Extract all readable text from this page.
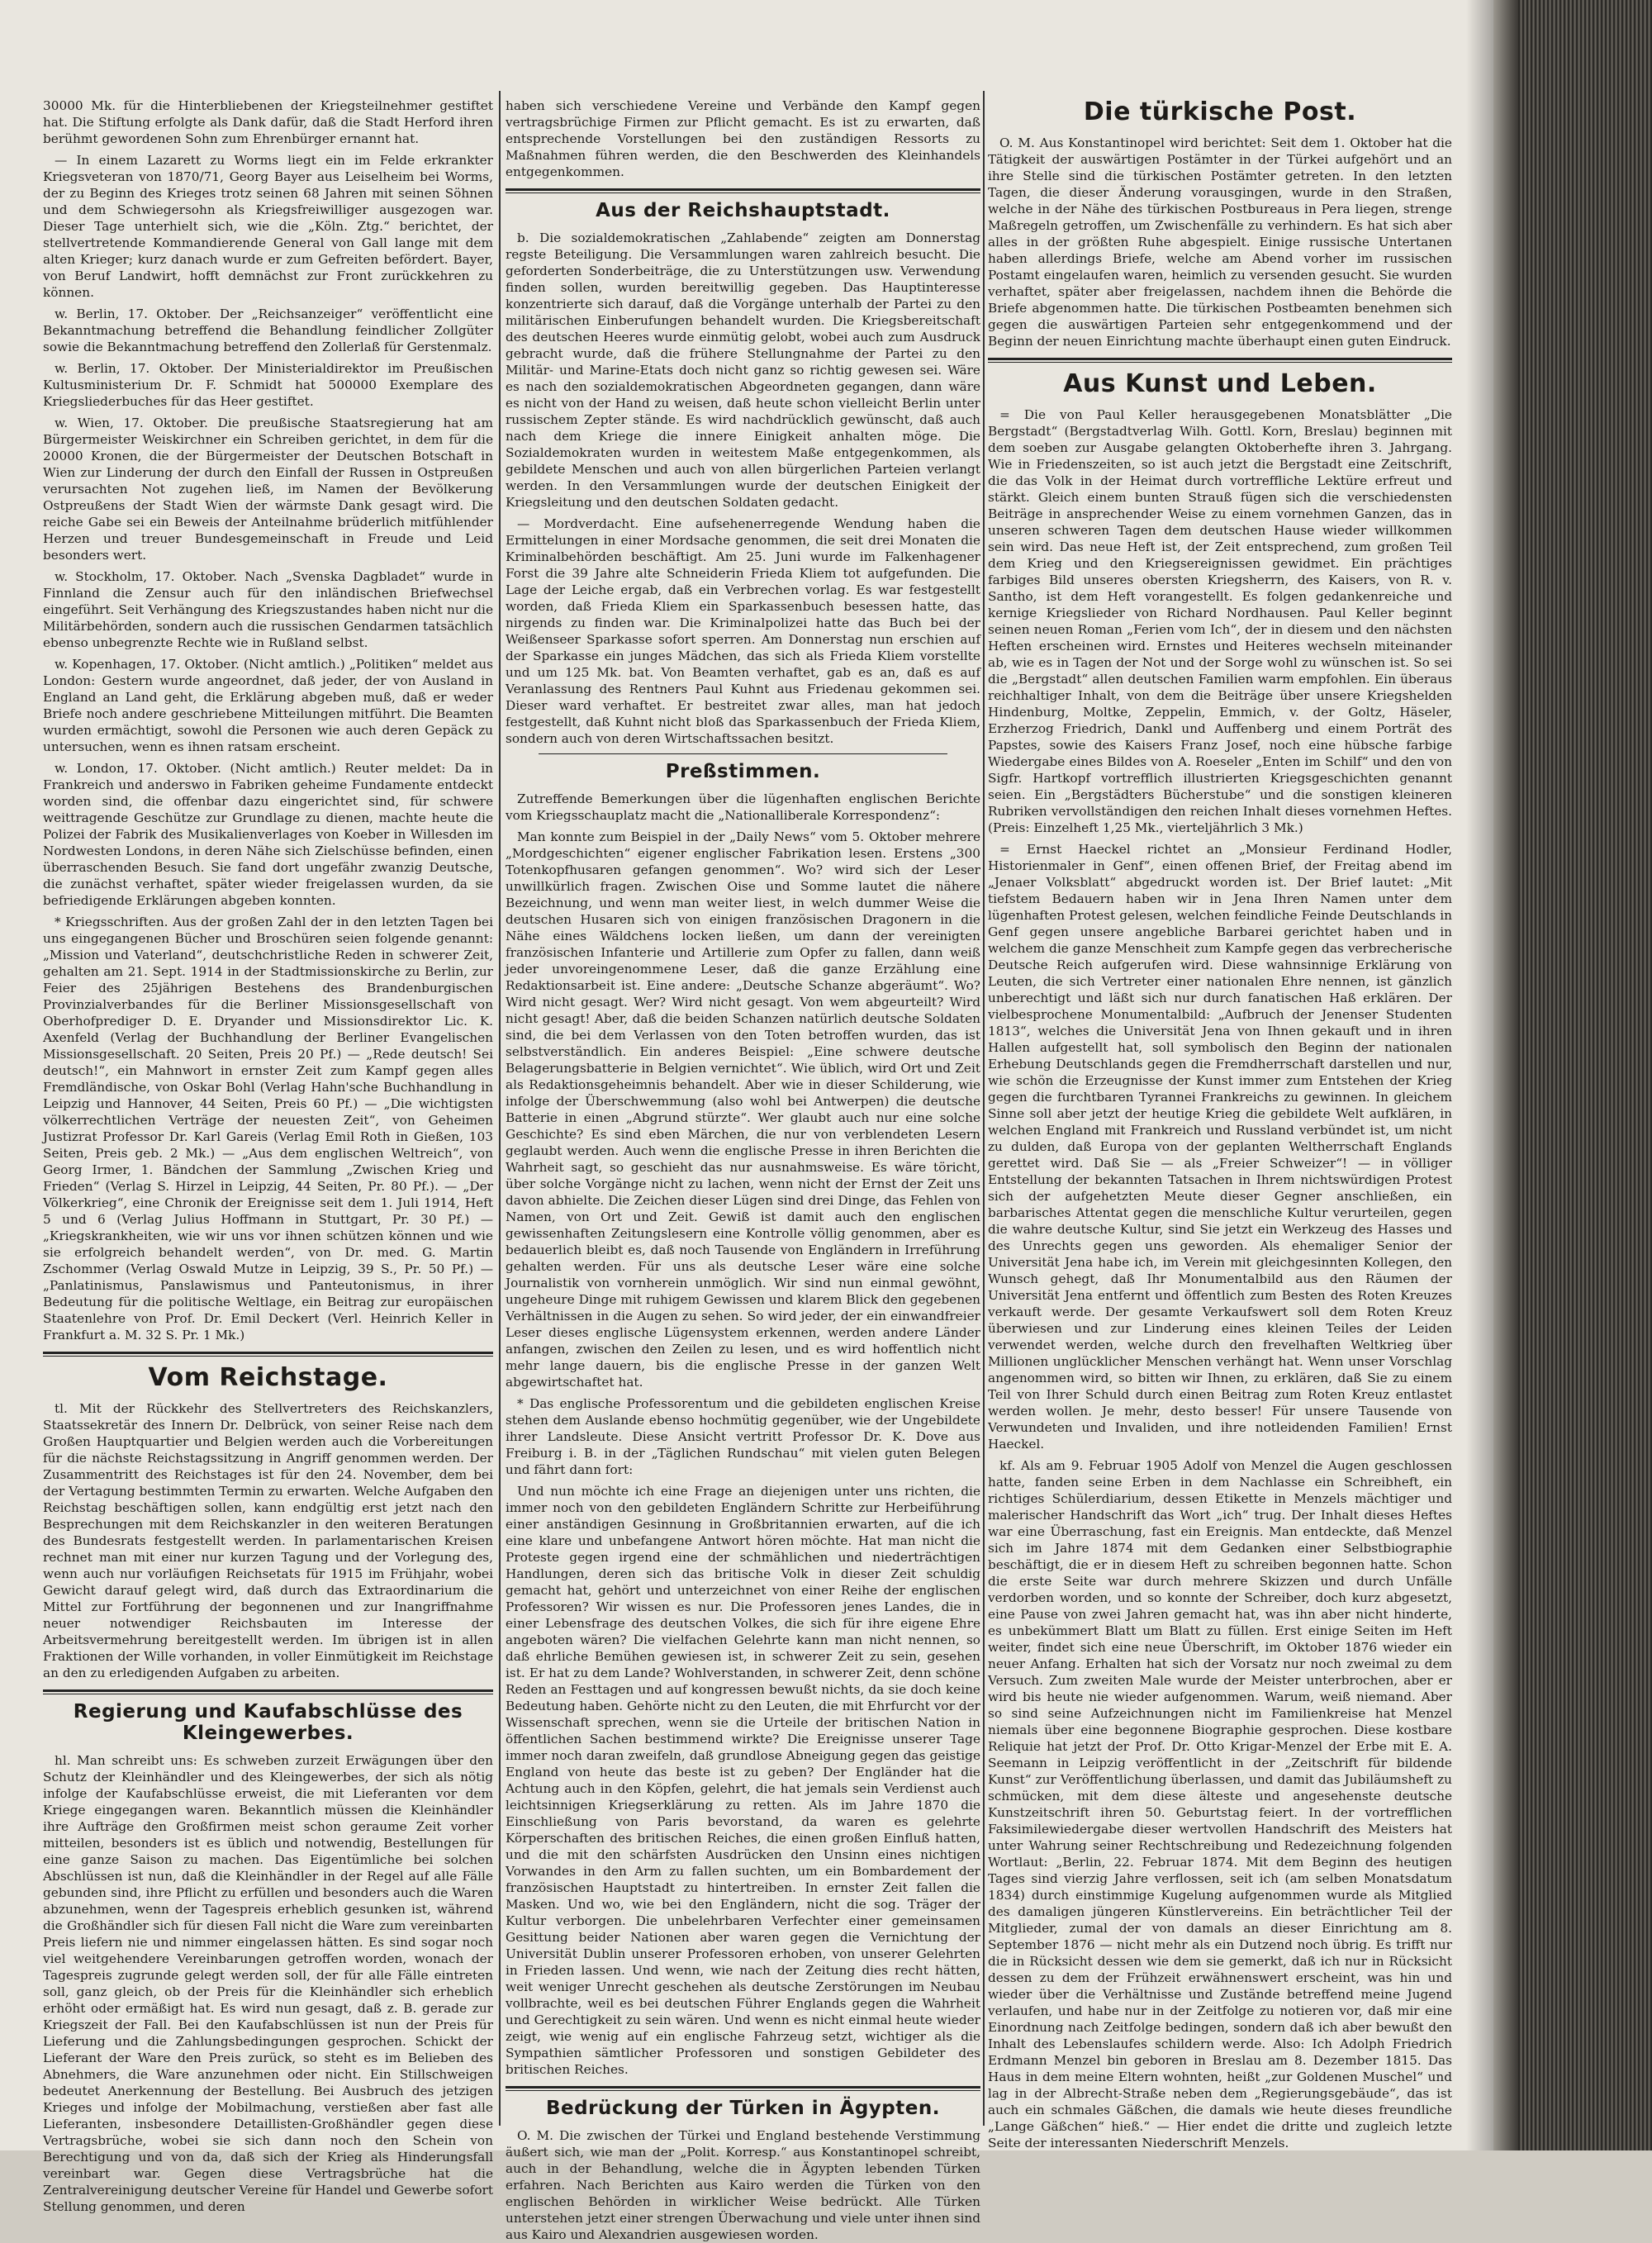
30000 Mk. für die Hinterbliebenen der Kriegsteilnehmer gestiftet hat. Die Stiftung erfolgte als Dank dafür, daß die Stadt Herford ihren berühmt gewordenen Sohn zum Ehrenbürger ernannt hat.

— In einem Lazarett zu Worms liegt ein im Felde erkrankter Kriegsveteran von 1870/71, Georg Bayer aus Leiselheim bei Worms, der zu Beginn des Krieges trotz seinen 68 Jahren mit seinen Söhnen und dem Schwiegersohn als Kriegsfreiwilliger ausgezogen war. Dieser Tage unterhielt sich, wie die „Köln. Ztg.“ berichtet, der stellvertretende Kommandierende General von Gall lange mit dem alten Krieger; kurz danach wurde er zum Gefreiten befördert. Bayer, von Beruf Landwirt, hofft demnächst zur Front zurückkehren zu können.

w. Berlin, 17. Oktober. Der „Reichsanzeiger“ veröffentlicht eine Bekanntmachung betreffend die Behandlung feindlicher Zollgüter sowie die Bekanntmachung betreffend den Zollerlaß für Gerstenmalz.

w. Berlin, 17. Oktober. Der Ministerialdirektor im Preußischen Kultusministerium Dr. F. Schmidt hat 500000 Exemplare des Kriegsliederbuches für das Heer gestiftet.

w. Wien, 17. Oktober. Die preußische Staatsregierung hat am Bürgermeister Weiskirchner ein Schreiben gerichtet, in dem für die 20000 Kronen, die der Bürgermeister der Deutschen Botschaft in Wien zur Linderung der durch den Einfall der Russen in Ostpreußen verursachten Not zugehen ließ, im Namen der Bevölkerung Ostpreußens der Stadt Wien der wärmste Dank gesagt wird. Die reiche Gabe sei ein Beweis der Anteilnahme brüderlich mitfühlender Herzen und treuer Bundesgemeinschaft in Freude und Leid besonders wert.

w. Stockholm, 17. Oktober. Nach „Svenska Dagbladet“ wurde in Finnland die Zensur auch für den inländischen Briefwechsel eingeführt. Seit Verhängung des Kriegszustandes haben nicht nur die Militärbehörden, sondern auch die russischen Gendarmen tatsächlich ebenso unbegrenzte Rechte wie in Rußland selbst.

w. Kopenhagen, 17. Oktober. (Nicht amtlich.) „Politiken“ meldet aus London: Gestern wurde angeordnet, daß jeder, der von Ausland in England an Land geht, die Erklärung abgeben muß, daß er weder Briefe noch andere geschriebene Mitteilungen mitführt. Die Beamten wurden ermächtigt, sowohl die Personen wie auch deren Gepäck zu untersuchen, wenn es ihnen ratsam erscheint.

w. London, 17. Oktober. (Nicht amtlich.) Reuter meldet: Da in Frankreich und anderswo in Fabriken geheime Fundamente entdeckt worden sind, die offenbar dazu eingerichtet sind, für schwere weittragende Geschütze zur Grundlage zu dienen, machte heute die Polizei der Fabrik des Musikalienverlages von Koeber in Willesden im Nordwesten Londons, in deren Nähe sich Zielschüsse befinden, einen überraschenden Besuch. Sie fand dort ungefähr zwanzig Deutsche, die zunächst verhaftet, später wieder freigelassen wurden, da sie befriedigende Erklärungen abgeben konnten.

* Kriegsschriften. Aus der großen Zahl der in den letzten Tagen bei uns eingegangenen Bücher und Broschüren seien folgende genannt: „Mission und Vaterland“, deutschchristliche Reden in schwerer Zeit, gehalten am 21. Sept. 1914 in der Stadtmissionskirche zu Berlin, zur Feier des 25jährigen Bestehens des Brandenburgischen Provinzialverbandes für die Berliner Missionsgesellschaft von Oberhofprediger D. E. Dryander und Missionsdirektor Lic. K. Axenfeld (Verlag der Buchhandlung der Berliner Evangelischen Missionsgesellschaft. 20 Seiten, Preis 20 Pf.) — „Rede deutsch! Sei deutsch!“, ein Mahnwort in ernster Zeit zum Kampf gegen alles Fremdländische, von Oskar Bohl (Verlag Hahn'sche Buchhandlung in Leipzig und Hannover, 44 Seiten, Preis 60 Pf.) — „Die wichtigsten völkerrechtlichen Verträge der neuesten Zeit“, von Geheimen Justizrat Professor Dr. Karl Gareis (Verlag Emil Roth in Gießen, 103 Seiten, Preis geb. 2 Mk.) — „Aus dem englischen Weltreich“, von Georg Irmer, 1. Bändchen der Sammlung „Zwischen Krieg und Frieden“ (Verlag S. Hirzel in Leipzig, 44 Seiten, Pr. 80 Pf.). — „Der Völkerkrieg“, eine Chronik der Ereignisse seit dem 1. Juli 1914, Heft 5 und 6 (Verlag Julius Hoffmann in Stuttgart, Pr. 30 Pf.) — „Kriegskrankheiten, wie wir uns vor ihnen schützen können und wie sie erfolgreich behandelt werden“, von Dr. med. G. Martin Zschommer (Verlag Oswald Mutze in Leipzig, 39 S., Pr. 50 Pf.) — „Panlatinismus, Panslawismus und Panteutonismus, in ihrer Bedeutung für die politische Weltlage, ein Beitrag zur europäischen Staatenlehre von Prof. Dr. Emil Deckert (Verl. Heinrich Keller in Frankfurt a. M. 32 S. Pr. 1 Mk.)

Vom Reichstage.

tl. Mit der Rückkehr des Stellvertreters des Reichskanzlers, Staatssekretär des Innern Dr. Delbrück, von seiner Reise nach dem Großen Hauptquartier und Belgien werden auch die Vorbereitungen für die nächste Reichstagssitzung in Angriff genommen werden. Der Zusammentritt des Reichstages ist für den 24. November, dem bei der Vertagung bestimmten Termin zu erwarten. Welche Aufgaben den Reichstag beschäftigen sollen, kann endgültig erst jetzt nach den Besprechungen mit dem Reichskanzler in den weiteren Beratungen des Bundesrats festgestellt werden. In parlamentarischen Kreisen rechnet man mit einer nur kurzen Tagung und der Vorlegung des, wenn auch nur vorläufigen Reichsetats für 1915 im Frühjahr, wobei Gewicht darauf gelegt wird, daß durch das Extraordinarium die Mittel zur Fortführung der begonnenen und zur Inangriffnahme neuer notwendiger Reichsbauten im Interesse der Arbeitsvermehrung bereitgestellt werden. Im übrigen ist in allen Fraktionen der Wille vorhanden, in voller Einmütigkeit im Reichstage an den zu erledigenden Aufgaben zu arbeiten.

Regierung und Kaufabschlüsse des Kleingewerbes.

hl. Man schreibt uns: Es schweben zurzeit Erwägungen über den Schutz der Kleinhändler und des Kleingewerbes, der sich als nötig infolge der Kaufabschlüsse erweist, die mit Lieferanten vor dem Kriege eingegangen waren. Bekanntlich müssen die Kleinhändler ihre Aufträge den Großfirmen meist schon geraume Zeit vorher mitteilen, besonders ist es üblich und notwendig, Bestellungen für eine ganze Saison zu machen. Das Eigentümliche bei solchen Abschlüssen ist nun, daß die Kleinhändler in der Regel auf alle Fälle gebunden sind, ihre Pflicht zu erfüllen und besonders auch die Waren abzunehmen, wenn der Tagespreis erheblich gesunken ist, während die Großhändler sich für diesen Fall nicht die Ware zum vereinbarten Preis liefern nie und nimmer eingelassen hätten. Es sind sogar noch viel weitgehendere Vereinbarungen getroffen worden, wonach der Tagespreis zugrunde gelegt werden soll, der für alle Fälle eintreten soll, ganz gleich, ob der Preis für die Kleinhändler sich erheblich erhöht oder ermäßigt hat. Es wird nun gesagt, daß z. B. gerade zur Kriegszeit der Fall. Bei den Kaufabschlüssen ist nun der Preis für Lieferung und die Zahlungsbedingungen gesprochen. Schickt der Lieferant der Ware den Preis zurück, so steht es im Belieben des Abnehmers, die Ware anzunehmen oder nicht. Ein Stillschweigen bedeutet Anerkennung der Bestellung. Bei Ausbruch des jetzigen Krieges und infolge der Mobilmachung, verstießen aber fast alle Lieferanten, insbesondere Detaillisten-Großhändler gegen diese Vertragsbrüche, wobei sie sich dann noch den Schein von Berechtigung und von da, daß sich der Krieg als Hinderungsfall vereinbart war. Gegen diese Vertragsbrüche hat die Zentralvereinigung deutscher Vereine für Handel und Gewerbe sofort Stellung genommen, und deren

haben sich verschiedene Vereine und Verbände den Kampf gegen vertragsbrüchige Firmen zur Pflicht gemacht. Es ist zu erwarten, daß entsprechende Vorstellungen bei den zuständigen Ressorts zu Maßnahmen führen werden, die den Beschwerden des Kleinhandels entgegenkommen.

Aus der Reichshauptstadt.

b. Die sozialdemokratischen „Zahlabende“ zeigten am Donnerstag regste Beteiligung. Die Versammlungen waren zahlreich besucht. Die geforderten Sonderbeiträge, die zu Unterstützungen usw. Verwendung finden sollen, wurden bereitwillig gegeben. Das Hauptinteresse konzentrierte sich darauf, daß die Vorgänge unterhalb der Partei zu den militärischen Einberufungen behandelt wurden. Die Kriegsbereitschaft des deutschen Heeres wurde einmütig gelobt, wobei auch zum Ausdruck gebracht wurde, daß die frühere Stellungnahme der Partei zu den Militär- und Marine-Etats doch nicht ganz so richtig gewesen sei. Wäre es nach den sozialdemokratischen Abgeordneten gegangen, dann wäre es nicht von der Hand zu weisen, daß heute schon vielleicht Berlin unter russischem Zepter stände. Es wird nachdrücklich gewünscht, daß auch nach dem Kriege die innere Einigkeit anhalten möge. Die Sozialdemokraten wurden in weitestem Maße entgegenkommen, als gebildete Menschen und auch von allen bürgerlichen Parteien verlangt werden. In den Versammlungen wurde der deutschen Einigkeit der Kriegsleitung und den deutschen Soldaten gedacht.

— Mordverdacht. Eine aufsehenerregende Wendung haben die Ermittelungen in einer Mordsache genommen, die seit drei Monaten die Kriminalbehörden beschäftigt. Am 25. Juni wurde im Falkenhagener Forst die 39 Jahre alte Schneiderin Frieda Kliem tot aufgefunden. Die Lage der Leiche ergab, daß ein Verbrechen vorlag. Es war festgestellt worden, daß Frieda Kliem ein Sparkassenbuch besessen hatte, das nirgends zu finden war. Die Kriminalpolizei hatte das Buch bei der Weißenseer Sparkasse sofort sperren. Am Donnerstag nun erschien auf der Sparkasse ein junges Mädchen, das sich als Frieda Kliem vorstellte und um 125 Mk. bat. Von Beamten verhaftet, gab es an, daß es auf Veranlassung des Rentners Paul Kuhnt aus Friedenau gekommen sei. Dieser ward verhaftet. Er bestreitet zwar alles, man hat jedoch festgestellt, daß Kuhnt nicht bloß das Sparkassenbuch der Frieda Kliem, sondern auch von deren Wirtschaftssachen besitzt.

Preßstimmen.

Zutreffende Bemerkungen über die lügenhaften englischen Berichte vom Kriegsschauplatz macht die „Nationalliberale Korrespondenz“:

Man konnte zum Beispiel in der „Daily News“ vom 5. Oktober mehrere „Mordgeschichten“ eigener englischer Fabrikation lesen. Erstens „300 Totenkopfhusaren gefangen genommen“. Wo? wird sich der Leser unwillkürlich fragen. Zwischen Oise und Somme lautet die nähere Bezeichnung, und wenn man weiter liest, in welch dummer Weise die deutschen Husaren sich von einigen französischen Dragonern in die Nähe eines Wäldchens locken ließen, um dann der vereinigten französischen Infanterie und Artillerie zum Opfer zu fallen, dann weiß jeder unvoreingenommene Leser, daß die ganze Erzählung eine Redaktionsarbeit ist. Eine andere: „Deutsche Schanze abgeräumt“. Wo? Wird nicht gesagt. Wer? Wird nicht gesagt. Von wem abgeurteilt? Wird nicht gesagt! Aber, daß die beiden Schanzen natürlich deutsche Soldaten sind, die bei dem Verlassen von den Toten betroffen wurden, das ist selbstverständlich. Ein anderes Beispiel: „Eine schwere deutsche Belagerungsbatterie in Belgien vernichtet“. Wie üblich, wird Ort und Zeit als Redaktionsgeheimnis behandelt. Aber wie in dieser Schilderung, wie infolge der Überschwemmung (also wohl bei Antwerpen) die deutsche Batterie in einen „Abgrund stürzte“. Wer glaubt auch nur eine solche Geschichte? Es sind eben Märchen, die nur von verblendeten Lesern geglaubt werden. Auch wenn die englische Presse in ihren Berichten die Wahrheit sagt, so geschieht das nur ausnahmsweise. Es wäre töricht, über solche Vorgänge nicht zu lachen, wenn nicht der Ernst der Zeit uns davon abhielte. Die Zeichen dieser Lügen sind drei Dinge, das Fehlen von Namen, von Ort und Zeit. Gewiß ist damit auch den englischen gewissenhaften Zeitungslesern eine Kontrolle völlig genommen, aber es bedauerlich bleibt es, daß noch Tausende von Engländern in Irreführung gehalten werden. Für uns als deutsche Leser wäre eine solche Journalistik von vornherein unmöglich. Wir sind nun einmal gewöhnt, ungeheure Dinge mit ruhigem Gewissen und klarem Blick den gegebenen Verhältnissen in die Augen zu sehen. So wird jeder, der ein einwandfreier Leser dieses englische Lügensystem erkennen, werden andere Länder anfangen, zwischen den Zeilen zu lesen, und es wird hoffentlich nicht mehr lange dauern, bis die englische Presse in der ganzen Welt abgewirtschaftet hat.

* Das englische Professorentum und die gebildeten englischen Kreise stehen dem Auslande ebenso hochmütig gegenüber, wie der Ungebildete ihrer Landsleute. Diese Ansicht vertritt Professor Dr. K. Dove aus Freiburg i. B. in der „Täglichen Rundschau“ mit vielen guten Belegen und fährt dann fort:

Und nun möchte ich eine Frage an diejenigen unter uns richten, die immer noch von den gebildeten Engländern Schritte zur Herbeiführung einer anständigen Gesinnung in Großbritannien erwarten, auf die ich eine klare und unbefangene Antwort hören möchte. Hat man nicht die Proteste gegen irgend eine der schmählichen und niederträchtigen Handlungen, deren sich das britische Volk in dieser Zeit schuldig gemacht hat, gehört und unterzeichnet von einer Reihe der englischen Professoren? Wir wissen es nur. Die Professoren jenes Landes, die in einer Lebensfrage des deutschen Volkes, die sich für ihre eigene Ehre angeboten wären? Die vielfachen Gelehrte kann man nicht nennen, so daß ehrliche Bemühen gewiesen ist, in schwerer Zeit zu sein, gesehen ist. Er hat zu dem Lande? Wohlverstanden, in schwerer Zeit, denn schöne Reden an Festtagen und auf kongressen bewußt nichts, da sie doch keine Bedeutung haben. Gehörte nicht zu den Leuten, die mit Ehrfurcht vor der Wissenschaft sprechen, wenn sie die Urteile der britischen Nation in öffentlichen Sachen bestimmend wirkte? Die Ereignisse unserer Tage immer noch daran zweifeln, daß grundlose Abneigung gegen das geistige England von heute das beste ist zu geben? Der Engländer hat die Achtung auch in den Köpfen, gelehrt, die hat jemals sein Verdienst auch leichtsinnigen Kriegserklärung zu retten. Als im Jahre 1870 die Einschließung von Paris bevorstand, da waren es gelehrte Körperschaften des britischen Reiches, die einen großen Einfluß hatten, und die mit den schärfsten Ausdrücken den Unsinn eines nichtigen Vorwandes in den Arm zu fallen suchten, um ein Bombardement der französischen Hauptstadt zu hintertreiben. In ernster Zeit fallen die Masken. Und wo, wie bei den Engländern, nicht die sog. Träger der Kultur verborgen. Die unbelehrbaren Verfechter einer gemeinsamen Gesittung beider Nationen aber waren gegen die Vernichtung der Universität Dublin unserer Professoren erhoben, von unserer Gelehrten in Frieden lassen. Und wenn, wie nach der Zeitung dies recht hätten, weit weniger Unrecht geschehen als deutsche Zerstörungen im Neubau vollbrachte, weil es bei deutschen Führer Englands gegen die Wahrheit und Gerechtigkeit zu sein wären. Und wenn es nicht einmal heute wieder zeigt, wie wenig auf ein englische Fahrzeug setzt, wichtiger als die Sympathien sämtlicher Professoren und sonstigen Gebildeter des britischen Reiches.

Bedrückung der Türken in Ägypten.

O. M. Die zwischen der Türkei und England bestehende Verstimmung äußert sich, wie man der „Polit. Korresp.“ aus Konstantinopel schreibt, auch in der Behandlung, welche die in Ägypten lebenden Türken erfahren. Nach Berichten aus Kairo werden die Türken von den englischen Behörden in wirklicher Weise bedrückt. Alle Türken unterstehen jetzt einer strengen Überwachung und viele unter ihnen sind aus Kairo und Alexandrien ausgewiesen worden.

Die türkische Post.

O. M. Aus Konstantinopel wird berichtet: Seit dem 1. Oktober hat die Tätigkeit der auswärtigen Postämter in der Türkei aufgehört und an ihre Stelle sind die türkischen Postämter getreten. In den letzten Tagen, die dieser Änderung vorausgingen, wurde in den Straßen, welche in der Nähe des türkischen Postbureaus in Pera liegen, strenge Maßregeln getroffen, um Zwischenfälle zu verhindern. Es hat sich aber alles in der größten Ruhe abgespielt. Einige russische Untertanen haben allerdings Briefe, welche am Abend vorher im russischen Postamt eingelaufen waren, heimlich zu versenden gesucht. Sie wurden verhaftet, später aber freigelassen, nachdem ihnen die Behörde die Briefe abgenommen hatte. Die türkischen Postbeamten benehmen sich gegen die auswärtigen Parteien sehr entgegenkommend und der Beginn der neuen Einrichtung machte überhaupt einen guten Eindruck.

Aus Kunst und Leben.

= Die von Paul Keller herausgegebenen Monatsblätter „Die Bergstadt“ (Bergstadtverlag Wilh. Gottl. Korn, Breslau) beginnen mit dem soeben zur Ausgabe gelangten Oktoberhefte ihren 3. Jahrgang. Wie in Friedenszeiten, so ist auch jetzt die Bergstadt eine Zeitschrift, die das Volk in der Heimat durch vortreffliche Lektüre erfreut und stärkt. Gleich einem bunten Strauß fügen sich die verschiedensten Beiträge in ansprechender Weise zu einem vornehmen Ganzen, das in unseren schweren Tagen dem deutschen Hause wieder willkommen sein wird. Das neue Heft ist, der Zeit entsprechend, zum großen Teil dem Krieg und den Kriegsereignissen gewidmet. Ein prächtiges farbiges Bild unseres obersten Kriegsherrn, des Kaisers, von R. v. Santho, ist dem Heft vorangestellt. Es folgen gedankenreiche und kernige Kriegslieder von Richard Nordhausen. Paul Keller beginnt seinen neuen Roman „Ferien vom Ich“, der in diesem und den nächsten Heften erscheinen wird. Ernstes und Heiteres wechseln miteinander ab, wie es in Tagen der Not und der Sorge wohl zu wünschen ist. So sei die „Bergstadt“ allen deutschen Familien warm empfohlen. Ein überaus reichhaltiger Inhalt, von dem die Beiträge über unsere Kriegshelden Hindenburg, Moltke, Zeppelin, Emmich, v. der Goltz, Häseler, Erzherzog Friedrich, Dankl und Auffenberg und einem Porträt des Papstes, sowie des Kaisers Franz Josef, noch eine hübsche farbige Wiedergabe eines Bildes von A. Roeseler „Enten im Schilf“ und den von Sigfr. Hartkopf vortrefflich illustrierten Kriegsgeschichten genannt seien. Ein „Bergstädters Bücherstube“ und die sonstigen kleineren Rubriken vervollständigen den reichen Inhalt dieses vornehmen Heftes. (Preis: Einzelheft 1,25 Mk., vierteljährlich 3 Mk.)

= Ernst Haeckel richtet an „Monsieur Ferdinand Hodler, Historienmaler in Genf“, einen offenen Brief, der Freitag abend im „Jenaer Volksblatt“ abgedruckt worden ist. Der Brief lautet: „Mit tiefstem Bedauern haben wir in Jena Ihren Namen unter dem lügenhaften Protest gelesen, welchen feindliche Feinde Deutschlands in Genf gegen unsere angebliche Barbarei gerichtet haben und in welchem die ganze Menschheit zum Kampfe gegen das verbrecherische Deutsche Reich aufgerufen wird. Diese wahnsinnige Erklärung von Leuten, die sich Vertreter einer nationalen Ehre nennen, ist gänzlich unberechtigt und läßt sich nur durch fanatischen Haß erklären. Der vielbesprochene Monumentalbild: „Aufbruch der Jenenser Studenten 1813“, welches die Universität Jena von Ihnen gekauft und in ihren Hallen aufgestellt hat, soll symbolisch den Beginn der nationalen Erhebung Deutschlands gegen die Fremdherrschaft darstellen und nur, wie schön die Erzeugnisse der Kunst immer zum Entstehen der Krieg gegen die furchtbaren Tyrannei Frankreichs zu gewinnen. In gleichem Sinne soll aber jetzt der heutige Krieg die gebildete Welt aufklären, in welchen England mit Frankreich und Russland verbündet ist, um nicht zu dulden, daß Europa von der geplanten Weltherrschaft Englands gerettet wird. Daß Sie — als „Freier Schweizer“! — in völliger Entstellung der bekannten Tatsachen in Ihrem nichtswürdigen Protest sich der aufgehetzten Meute dieser Gegner anschließen, ein barbarisches Attentat gegen die menschliche Kultur verurteilen, gegen die wahre deutsche Kultur, sind Sie jetzt ein Werkzeug des Hasses und des Unrechts gegen uns geworden. Als ehemaliger Senior der Universität Jena habe ich, im Verein mit gleichgesinnten Kollegen, den Wunsch gehegt, daß Ihr Monumentalbild aus den Räumen der Universität Jena entfernt und öffentlich zum Besten des Roten Kreuzes verkauft werde. Der gesamte Verkaufswert soll dem Roten Kreuz überwiesen und zur Linderung eines kleinen Teiles der Leiden verwendet werden, welche durch den frevelhaften Weltkrieg über Millionen unglücklicher Menschen verhängt hat. Wenn unser Vorschlag angenommen wird, so bitten wir Ihnen, zu erklären, daß Sie zu einem Teil von Ihrer Schuld durch einen Beitrag zum Roten Kreuz entlastet werden wollen. Je mehr, desto besser! Für unsere Tausende von Verwundeten und Invaliden, und ihre notleidenden Familien! Ernst Haeckel.

kf. Als am 9. Februar 1905 Adolf von Menzel die Augen geschlossen hatte, fanden seine Erben in dem Nachlasse ein Schreibheft, ein richtiges Schülerdiarium, dessen Etikette in Menzels mächtiger und malerischer Handschrift das Wort „ich“ trug. Der Inhalt dieses Heftes war eine Überraschung, fast ein Ereignis. Man entdeckte, daß Menzel sich im Jahre 1874 mit dem Gedanken einer Selbstbiographie beschäftigt, die er in diesem Heft zu schreiben begonnen hatte. Schon die erste Seite war durch mehrere Skizzen und durch Unfälle verdorben worden, und so konnte der Schreiber, doch kurz abgesetzt, eine Pause von zwei Jahren gemacht hat, was ihn aber nicht hinderte, es unbekümmert Blatt um Blatt zu füllen. Erst einige Seiten im Heft weiter, findet sich eine neue Überschrift, im Oktober 1876 wieder ein neuer Anfang. Erhalten hat sich der Vorsatz nur noch zweimal zu dem Versuch. Zum zweiten Male wurde der Meister unterbrochen, aber er wird bis heute nie wieder aufgenommen. Warum, weiß niemand. Aber so sind seine Aufzeichnungen nicht im Familienkreise hat Menzel niemals über eine begonnene Biographie gesprochen. Diese kostbare Reliquie hat jetzt der Prof. Dr. Otto Krigar-Menzel der Erbe mit E. A. Seemann in Leipzig veröffentlicht in der „Zeitschrift für bildende Kunst“ zur Veröffentlichung überlassen, und damit das Jubiläumsheft zu schmücken, mit dem diese älteste und angesehenste deutsche Kunstzeitschrift ihren 50. Geburtstag feiert. In der vortrefflichen Faksimilewiedergabe dieser wertvollen Handschrift des Meisters hat unter Wahrung seiner Rechtschreibung und Redezeichnung folgenden Wortlaut: „Berlin, 22. Februar 1874. Mit dem Beginn des heutigen Tages sind vierzig Jahre verflossen, seit ich (am selben Monatsdatum 1834) durch einstimmige Kugelung aufgenommen wurde als Mitglied des damaligen jüngeren Künstlervereins. Ein beträchtlicher Teil der Mitglieder, zumal der von damals an dieser Einrichtung am 8. September 1876 — nicht mehr als ein Dutzend noch übrig. Es trifft nur die in Rücksicht dessen wie dem sie gemerkt, daß ich nur in Rücksicht dessen zu dem der Frühzeit erwähnenswert erscheint, was hin und wieder über die Verhältnisse und Zustände betreffend meine Jugend verlaufen, und habe nur in der Zeitfolge zu notieren vor, daß mir eine Einordnung nach Zeitfolge bedingen, sondern daß ich aber bewußt den Inhalt des Lebenslaufes schildern werde. Also: Ich Adolph Friedrich Erdmann Menzel bin geboren in Breslau am 8. Dezember 1815. Das Haus in dem meine Eltern wohnten, heißt „zur Goldenen Muschel“ und lag in der Albrecht-Straße neben dem „Regierungsgebäude“, das ist auch ein schmales Gäßchen, die damals wie heute dieses freundliche „Lange Gäßchen“ hieß.“ — Hier endet die dritte und zugleich letzte Seite der interessanten Niederschrift Menzels.
